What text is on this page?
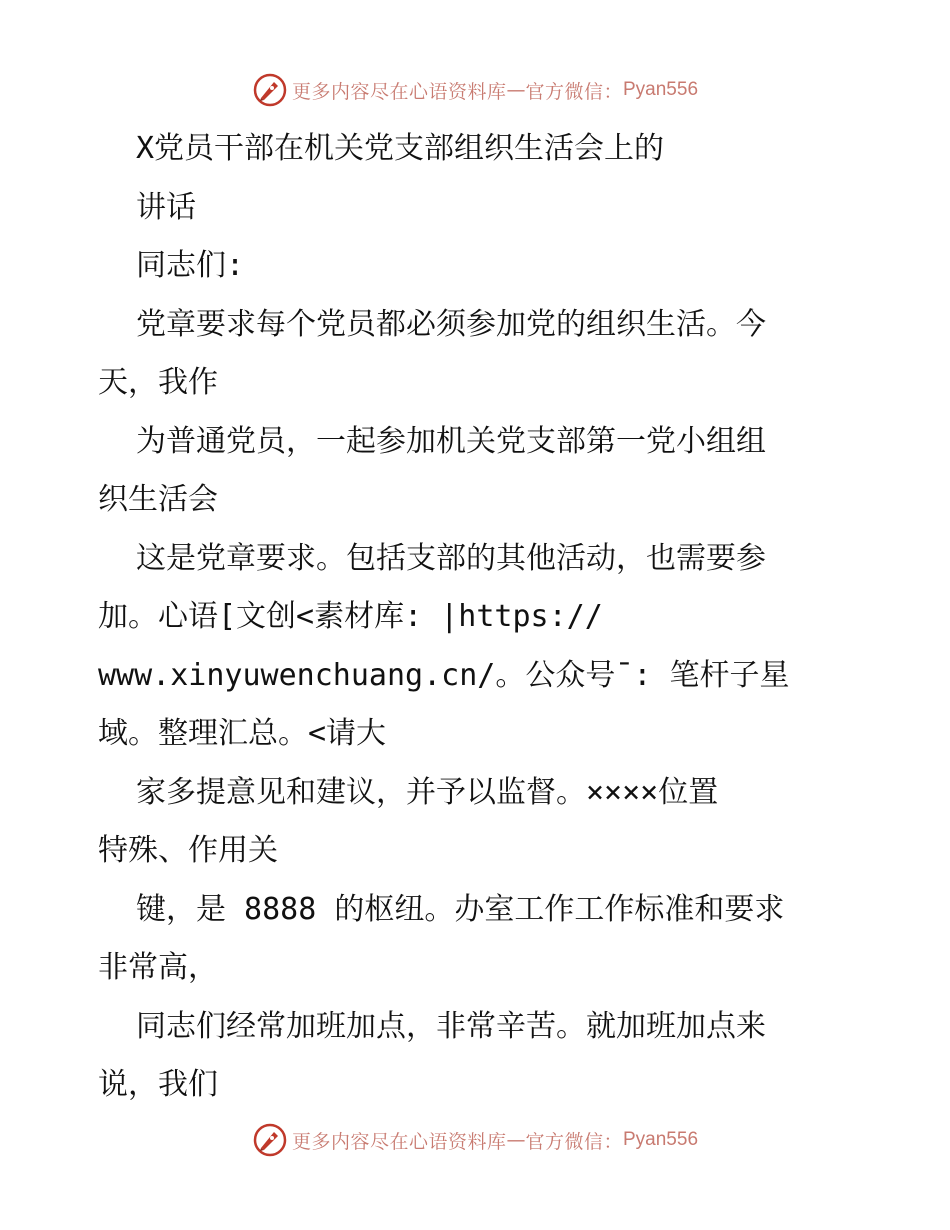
更多内容尽在心语资料库 — 官方微信： Pyan556
X党员干部在机关党支部组织生活会上的
讲话
同志们:
党章要求每个党员都必须参加党的组织生活。今
天，我作
为普通党员，一起参加机关党支部第一党小组组
织生活会
这是党章要求。包括支部的其他活动，也需要参
加。心语[文创<素材库: |https://
www.xinyuwenchuang.cn/。公众号¯: 笔杆子星
域。整理汇总。<请大
家多提意见和建议，并予以监督。××××位置
特殊、作用关
键，是 8888 的枢纽。办室工作工作标准和要求
非常高，
同志们经常加班加点，非常辛苦。就加班加点来
说，我们
更多内容尽在心语资料库 — 官方微信： Pyan556
